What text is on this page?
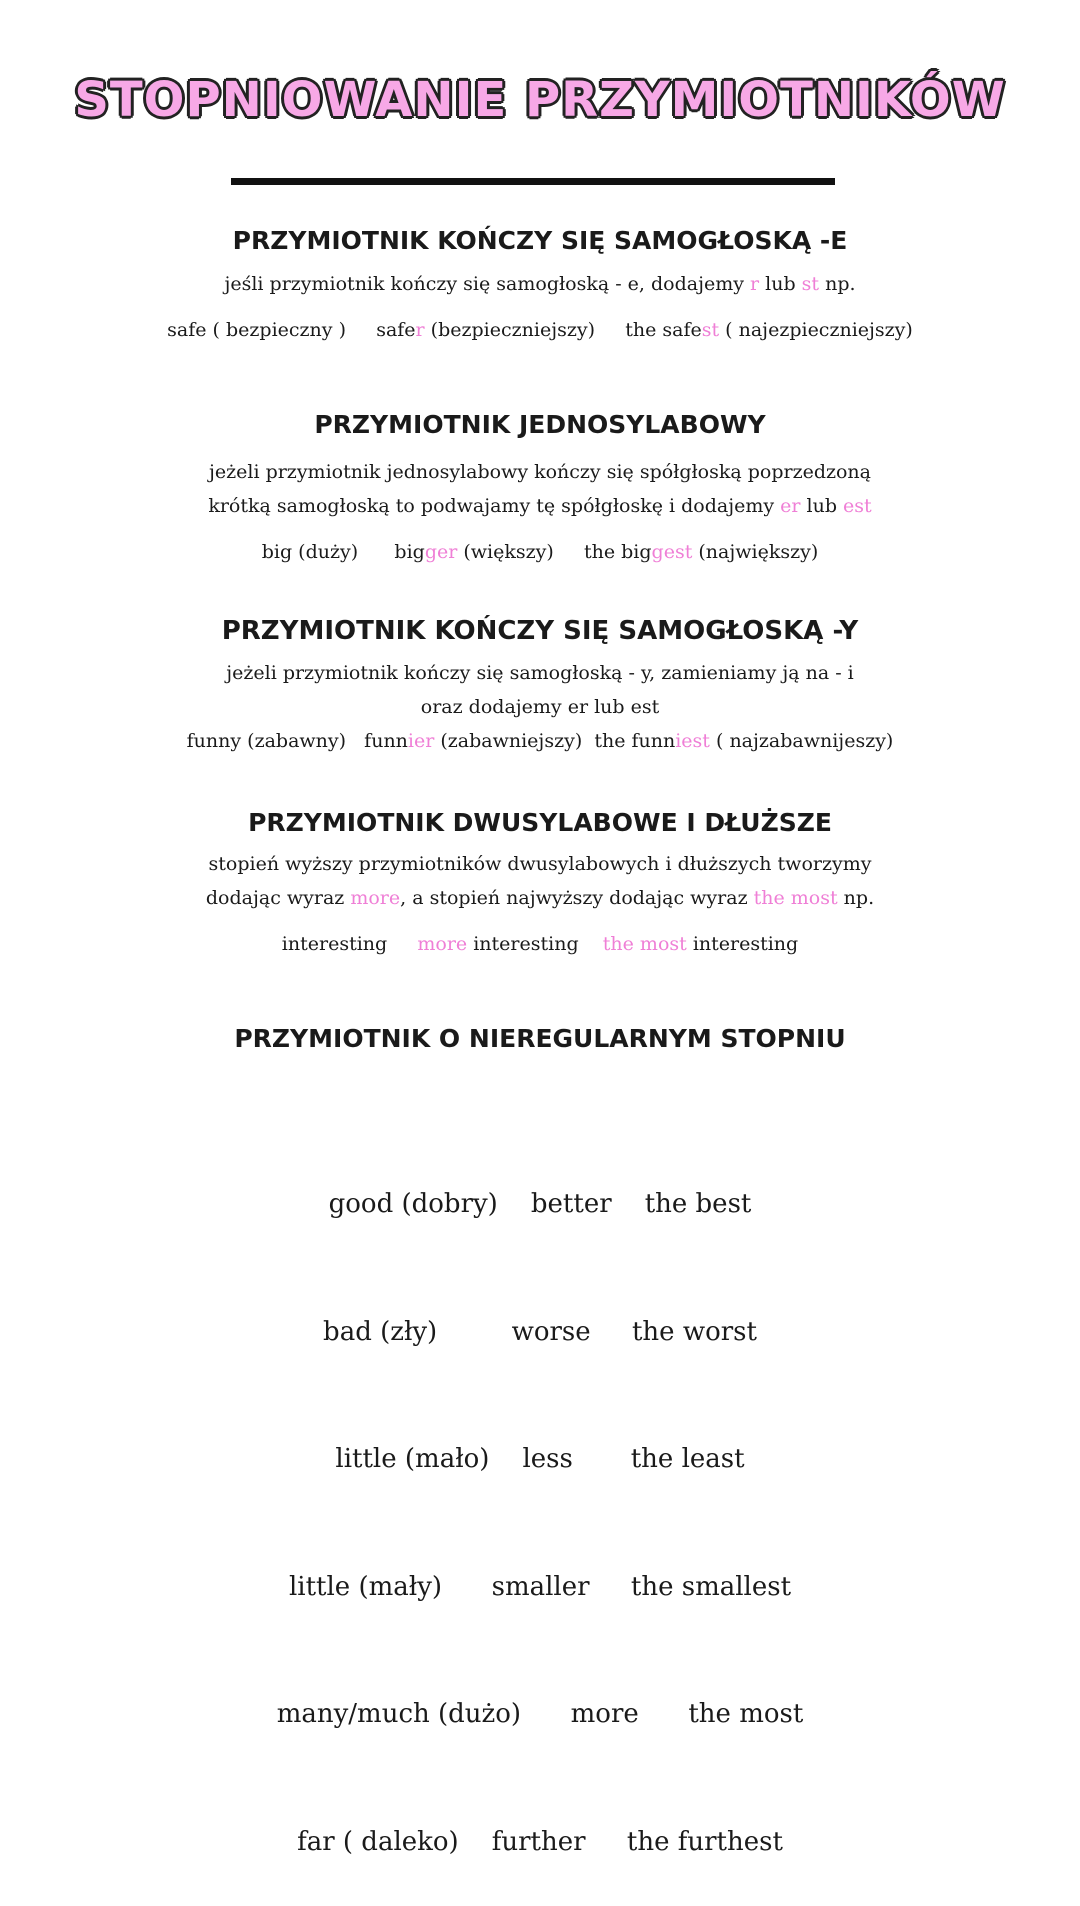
STOPNIOWANIE PRZYMIOTNIKÓW
PRZYMIOTNIK KOŃCZY SIĘ SAMOGŁOSKĄ -E

jeśli przymiotnik kończy się samogłoską - e, dodajemy r lub st np.

safe ( bezpieczny ) safer (bezpieczniejszy) the safest ( najezpieczniejszy)

PRZYMIOTNIK JEDNOSYLABOWY

jeżeli przymiotnik jednosylabowy kończy się spółgłoską poprzedzoną
krótką samogłoską to podwajamy tę spółgłoskę i dodajemy er lub est

big (duży) bigger (większy) the biggest (największy)

PRZYMIOTNIK KOŃCZY SIĘ SAMOGŁOSKĄ -Y

jeżeli przymiotnik kończy się samogłoską - y, zamieniamy ją na - i
oraz dodajemy er lub est

funny (zabawny) funnier (zabawniejszy) the funniest ( najzabawnijeszy)

PRZYMIOTNIK DWUSYLABOWE I DŁUŻSZE

stopień wyższy przymiotników dwusylabowych i dłuższych tworzymy
dodając wyraz more, a stopień najwyższy dodając wyraz the most np.

interesting more interesting the most interesting

PRZYMIOTNIK O NIEREGULARNYM STOPNIU

good (dobry)    better    the best

bad (zły)         worse     the worst

little (mało)    less       the least

little (mały)      smaller     the smallest

many/much (dużo)      more      the most

far ( daleko)    further     the furthest
